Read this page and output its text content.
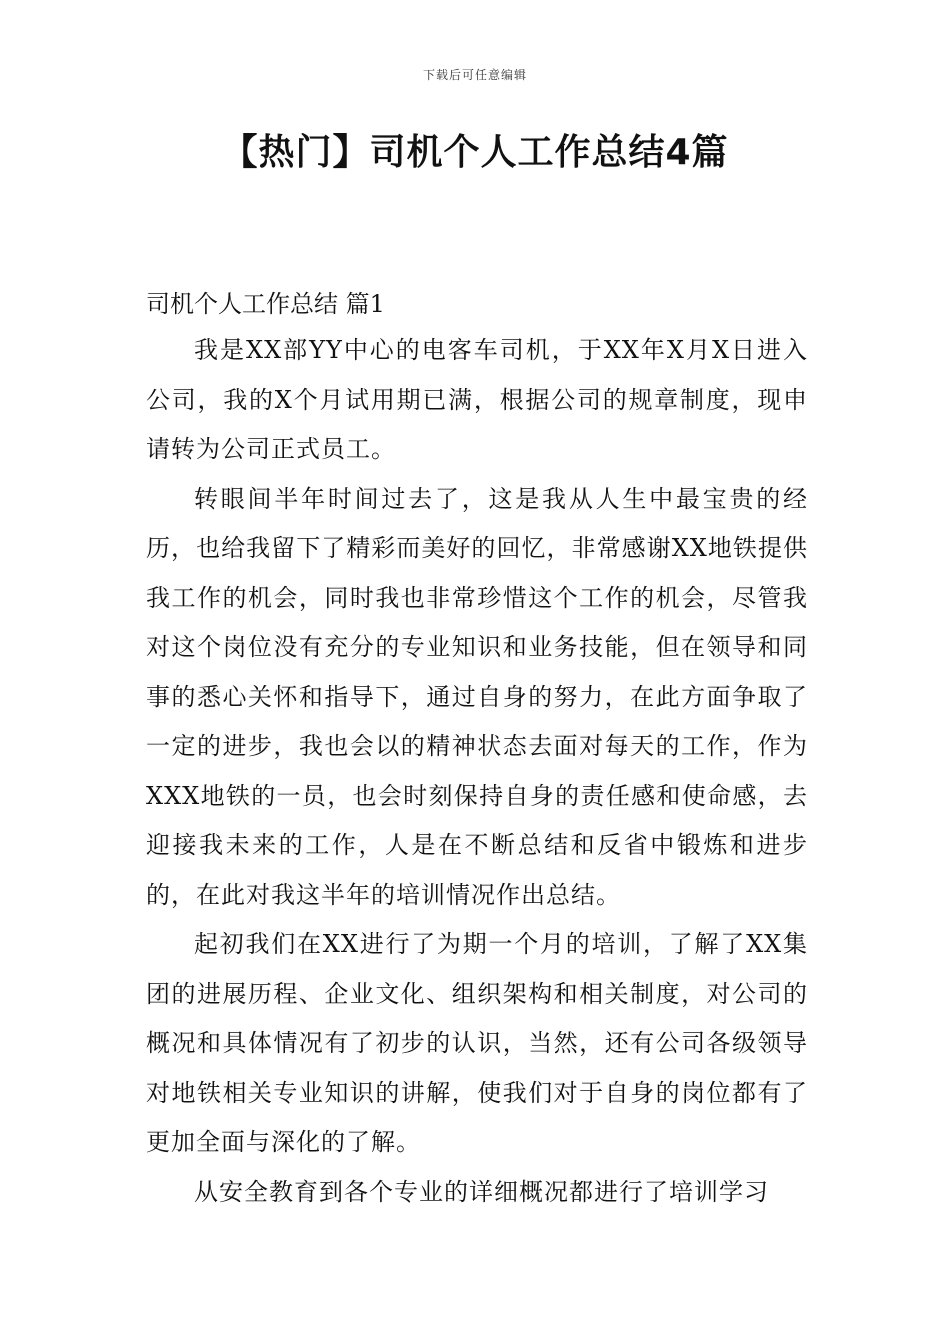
下载后可任意编辑
【热门】司机个人工作总结4篇
司机个人工作总结 篇1

我是XX部YY中心的电客车司机，于XX年X月X日进入公司，我的X个月试用期已满，根据公司的规章制度，现申请转为公司正式员工。

转眼间半年时间过去了，这是我从人生中最宝贵的经历，也给我留下了精彩而美好的回忆，非常感谢XX地铁提供我工作的机会，同时我也非常珍惜这个工作的机会，尽管我对这个岗位没有充分的专业知识和业务技能，但在领导和同事的悉心关怀和指导下，通过自身的努力，在此方面争取了一定的进步，我也会以的精神状态去面对每天的工作，作为XXX地铁的一员，也会时刻保持自身的责任感和使命感，去迎接我未来的工作，人是在不断总结和反省中锻炼和进步的，在此对我这半年的培训情况作出总结。

起初我们在XX进行了为期一个月的培训，了解了XX集团的进展历程、企业文化、组织架构和相关制度，对公司的概况和具体情况有了初步的认识，当然，还有公司各级领导对地铁相关专业知识的讲解，使我们对于自身的岗位都有了更加全面与深化的了解。

从安全教育到各个专业的详细概况都进行了培训学习
